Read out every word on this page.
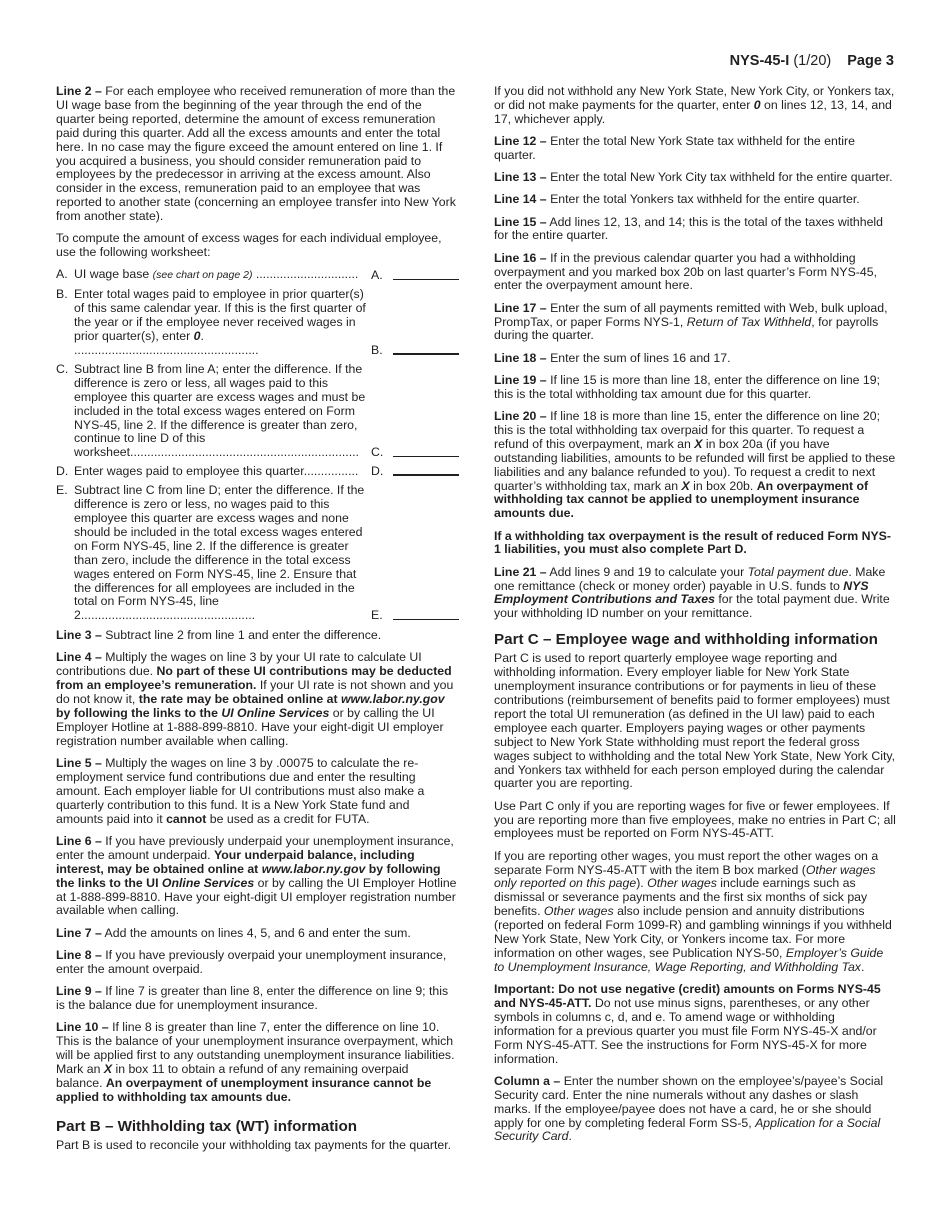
NYS-45-I (1/20) Page 3

Line 2 – For each employee who received remuneration of more than the UI wage base from the beginning of the year through the end of the quarter being reported, determine the amount of excess remuneration paid during this quarter. Add all the excess amounts and enter the total here. In no case may the figure exceed the amount entered on line 1. If you acquired a business, you should consider remuneration paid to employees by the predecessor in arriving at the excess amount. Also consider in the excess, remuneration paid to an employee that was reported to another state (concerning an employee transfer into New York from another state).

To compute the amount of excess wages for each individual employee, use the following worksheet:

A. UI wage base (see chart on page 2) ..............................	A.
B. Enter total wages paid to employee in prior quarter(s) of this same calendar year. If this is the first quarter of the year or if the employee never received wages in prior quarter(s), enter 0. ......................................................	B.
C. Subtract line B from line A; enter the difference. If the difference is zero or less, all wages paid to this employee this quarter are excess wages and must be included in the total excess wages entered on Form NYS-45, line 2. If the difference is greater than zero, continue to line D of this worksheet................................................................... C.
D. Enter wages paid to employee this quarter................	D.
E. Subtract line C from line D; enter the difference. If the difference is zero or less, no wages paid to this employee this quarter are excess wages and none should be included in the total excess wages entered on Form NYS-45, line 2. If the difference is greater than zero, include the difference in the total excess wages entered on Form NYS-45, line 2. Ensure that the differences for all employees are included in the total on Form NYS-45, line 2...................................................	E.

Line 3 – Subtract line 2 from line 1 and enter the difference.

Line 4 – Multiply the wages on line 3 by your UI rate to calculate UI contributions due. No part of these UI contributions may be deducted from an employee’s remuneration. If your UI rate is not shown and you do not know it, the rate may be obtained online at www.labor.ny.gov by following the links to the UI Online Services or by calling the UI Employer Hotline at 1-888-899-8810. Have your eight-digit UI employer registration number available when calling.

Line 5 – Multiply the wages on line 3 by .00075 to calculate the re-employment service fund contributions due and enter the resulting amount. Each employer liable for UI contributions must also make a quarterly contribution to this fund. It is a New York State fund and amounts paid into it cannot be used as a credit for FUTA.

Line 6 – If you have previously underpaid your unemployment insurance, enter the amount underpaid. Your underpaid balance, including interest, may be obtained online at www.labor.ny.gov by following the links to the UI Online Services or by calling the UI Employer Hotline at 1-888-899-8810. Have your eight-digit UI employer registration number available when calling.

Line 7 – Add the amounts on lines 4, 5, and 6 and enter the sum.

Line 8 – If you have previously overpaid your unemployment insurance, enter the amount overpaid.

Line 9 – If line 7 is greater than line 8, enter the difference on line 9; this is the balance due for unemployment insurance.

Line 10 – If line 8 is greater than line 7, enter the difference on line 10. This is the balance of your unemployment insurance overpayment, which will be applied first to any outstanding unemployment insurance liabilities. Mark an X in box 11 to obtain a refund of any remaining overpaid balance. An overpayment of unemployment insurance cannot be applied to withholding tax amounts due.

Part B – Withholding tax (WT) information

Part B is used to reconcile your withholding tax payments for the quarter.

If you did not withhold any New York State, New York City, or Yonkers tax, or did not make payments for the quarter, enter 0 on lines 12, 13, 14, and 17, whichever apply.

Line 12 – Enter the total New York State tax withheld for the entire quarter.

Line 13 – Enter the total New York City tax withheld for the entire quarter.

Line 14 – Enter the total Yonkers tax withheld for the entire quarter.

Line 15 – Add lines 12, 13, and 14; this is the total of the taxes withheld for the entire quarter.

Line 16 – If in the previous calendar quarter you had a withholding overpayment and you marked box 20b on last quarter’s Form NYS-45, enter the overpayment amount here.

Line 17 – Enter the sum of all payments remitted with Web, bulk upload, PrompTax, or paper Forms NYS-1, Return of Tax Withheld, for payrolls during the quarter.

Line 18 – Enter the sum of lines 16 and 17.

Line 19 – If line 15 is more than line 18, enter the difference on line 19; this is the total withholding tax amount due for this quarter.

Line 20 – If line 18 is more than line 15, enter the difference on line 20; this is the total withholding tax overpaid for this quarter. To request a refund of this overpayment, mark an X in box 20a (if you have outstanding liabilities, amounts to be refunded will first be applied to these liabilities and any balance refunded to you). To request a credit to next quarter’s withholding tax, mark an X in box 20b. An overpayment of withholding tax cannot be applied to unemployment insurance amounts due.

If a withholding tax overpayment is the result of reduced Form NYS-1 liabilities, you must also complete Part D.

Line 21 – Add lines 9 and 19 to calculate your Total payment due. Make one remittance (check or money order) payable in U.S. funds to NYS Employment Contributions and Taxes for the total payment due. Write your withholding ID number on your remittance.

Part C – Employee wage and withholding information

Part C is used to report quarterly employee wage reporting and withholding information. Every employer liable for New York State unemployment insurance contributions or for payments in lieu of these contributions (reimbursement of benefits paid to former employees) must report the total UI remuneration (as defined in the UI law) paid to each employee each quarter. Employers paying wages or other payments subject to New York State withholding must report the federal gross wages subject to withholding and the total New York State, New York City, and Yonkers tax withheld for each person employed during the calendar quarter you are reporting.

Use Part C only if you are reporting wages for five or fewer employees. If you are reporting more than five employees, make no entries in Part C; all employees must be reported on Form NYS-45-ATT.

If you are reporting other wages, you must report the other wages on a separate Form NYS-45-ATT with the item B box marked (Other wages only reported on this page). Other wages include earnings such as dismissal or severance payments and the first six months of sick pay benefits. Other wages also include pension and annuity distributions (reported on federal Form 1099-R) and gambling winnings if you withheld New York State, New York City, or Yonkers income tax. For more information on other wages, see Publication NYS-50, Employer’s Guide to Unemployment Insurance, Wage Reporting, and Withholding Tax.

Important: Do not use negative (credit) amounts on Forms NYS-45 and NYS-45-ATT. Do not use minus signs, parentheses, or any other symbols in columns c, d, and e. To amend wage or withholding information for a previous quarter you must file Form NYS-45-X and/or Form NYS-45-ATT. See the instructions for Form NYS-45-X for more information.

Column a – Enter the number shown on the employee’s/payee’s Social Security card. Enter the nine numerals without any dashes or slash marks. If the employee/payee does not have a card, he or she should apply for one by completing federal Form SS-5, Application for a Social Security Card.
